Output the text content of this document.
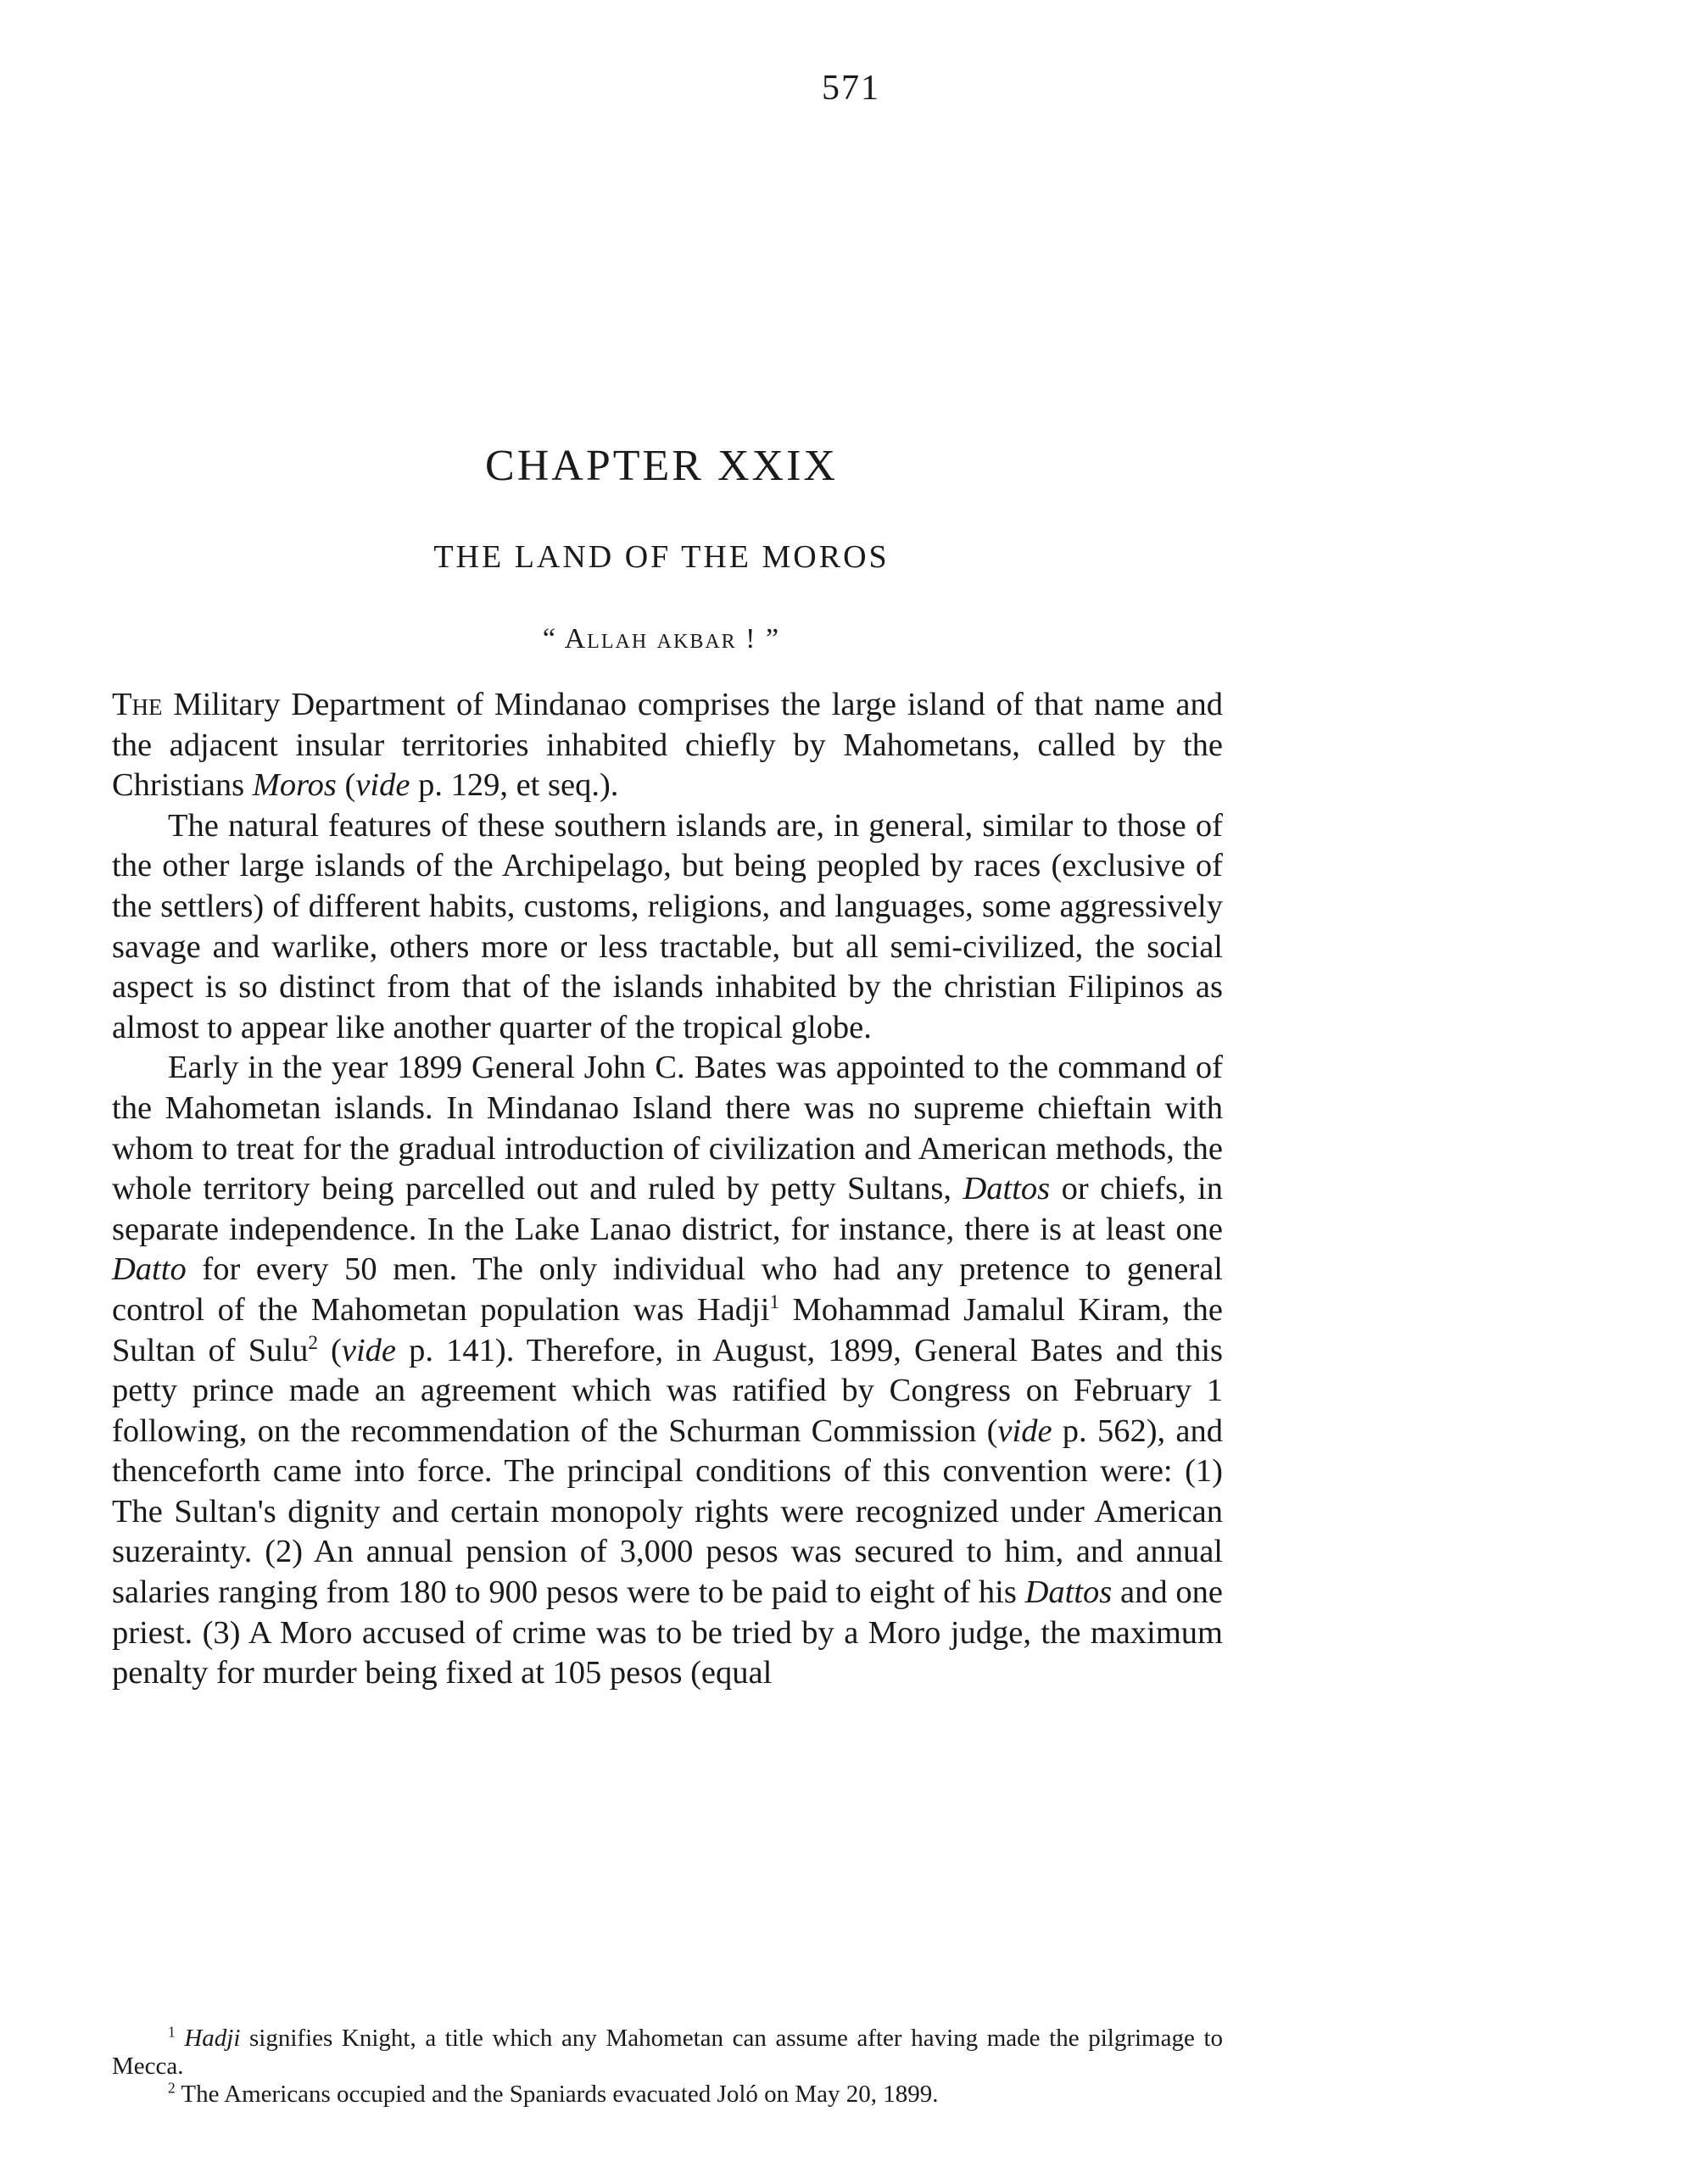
571
CHAPTER XXIX
THE LAND OF THE MOROS
“ Allah akbar ! ”

The Military Department of Mindanao comprises the large island of that name and the adjacent insular territories inhabited chiefly by Mahometans, called by the Christians Moros (vide p. 129, et seq.).

The natural features of these southern islands are, in general, similar to those of the other large islands of the Archipelago, but being peopled by races (exclusive of the settlers) of different habits, customs, religions, and languages, some aggressively savage and warlike, others more or less tractable, but all semi-civilized, the social aspect is so distinct from that of the islands inhabited by the christian Filipinos as almost to appear like another quarter of the tropical globe.

Early in the year 1899 General John C. Bates was appointed to the command of the Mahometan islands. In Mindanao Island there was no supreme chieftain with whom to treat for the gradual introduction of civilization and American methods, the whole territory being parcelled out and ruled by petty Sultans, Dattos or chiefs, in separate independence. In the Lake Lanao district, for instance, there is at least one Datto for every 50 men. The only individual who had any pretence to general control of the Mahometan population was Hadji$^1$ Mohammad Jamalul Kiram, the Sultan of Sulu$^2$ (vide p. 141). Therefore, in August, 1899, General Bates and this petty prince made an agreement which was ratified by Congress on February 1 following, on the recommendation of the Schurman Commission (vide p. 562), and thenceforth came into force. The principal conditions of this convention were: (1) The Sultan's dignity and certain monopoly rights were recognized under American suzerainty. (2) An annual pension of 3,000 pesos was secured to him, and annual salaries ranging from 180 to 900 pesos were to be paid to eight of his Dattos and one priest. (3) A Moro accused of crime was to be tried by a Moro judge, the maximum penalty for murder being fixed at 105 pesos (equal

$^1$ Hadji signifies Knight, a title which any Mahometan can assume after having made the pilgrimage to Mecca.

$^2$ The Americans occupied and the Spaniards evacuated Joló on May 20, 1899.
